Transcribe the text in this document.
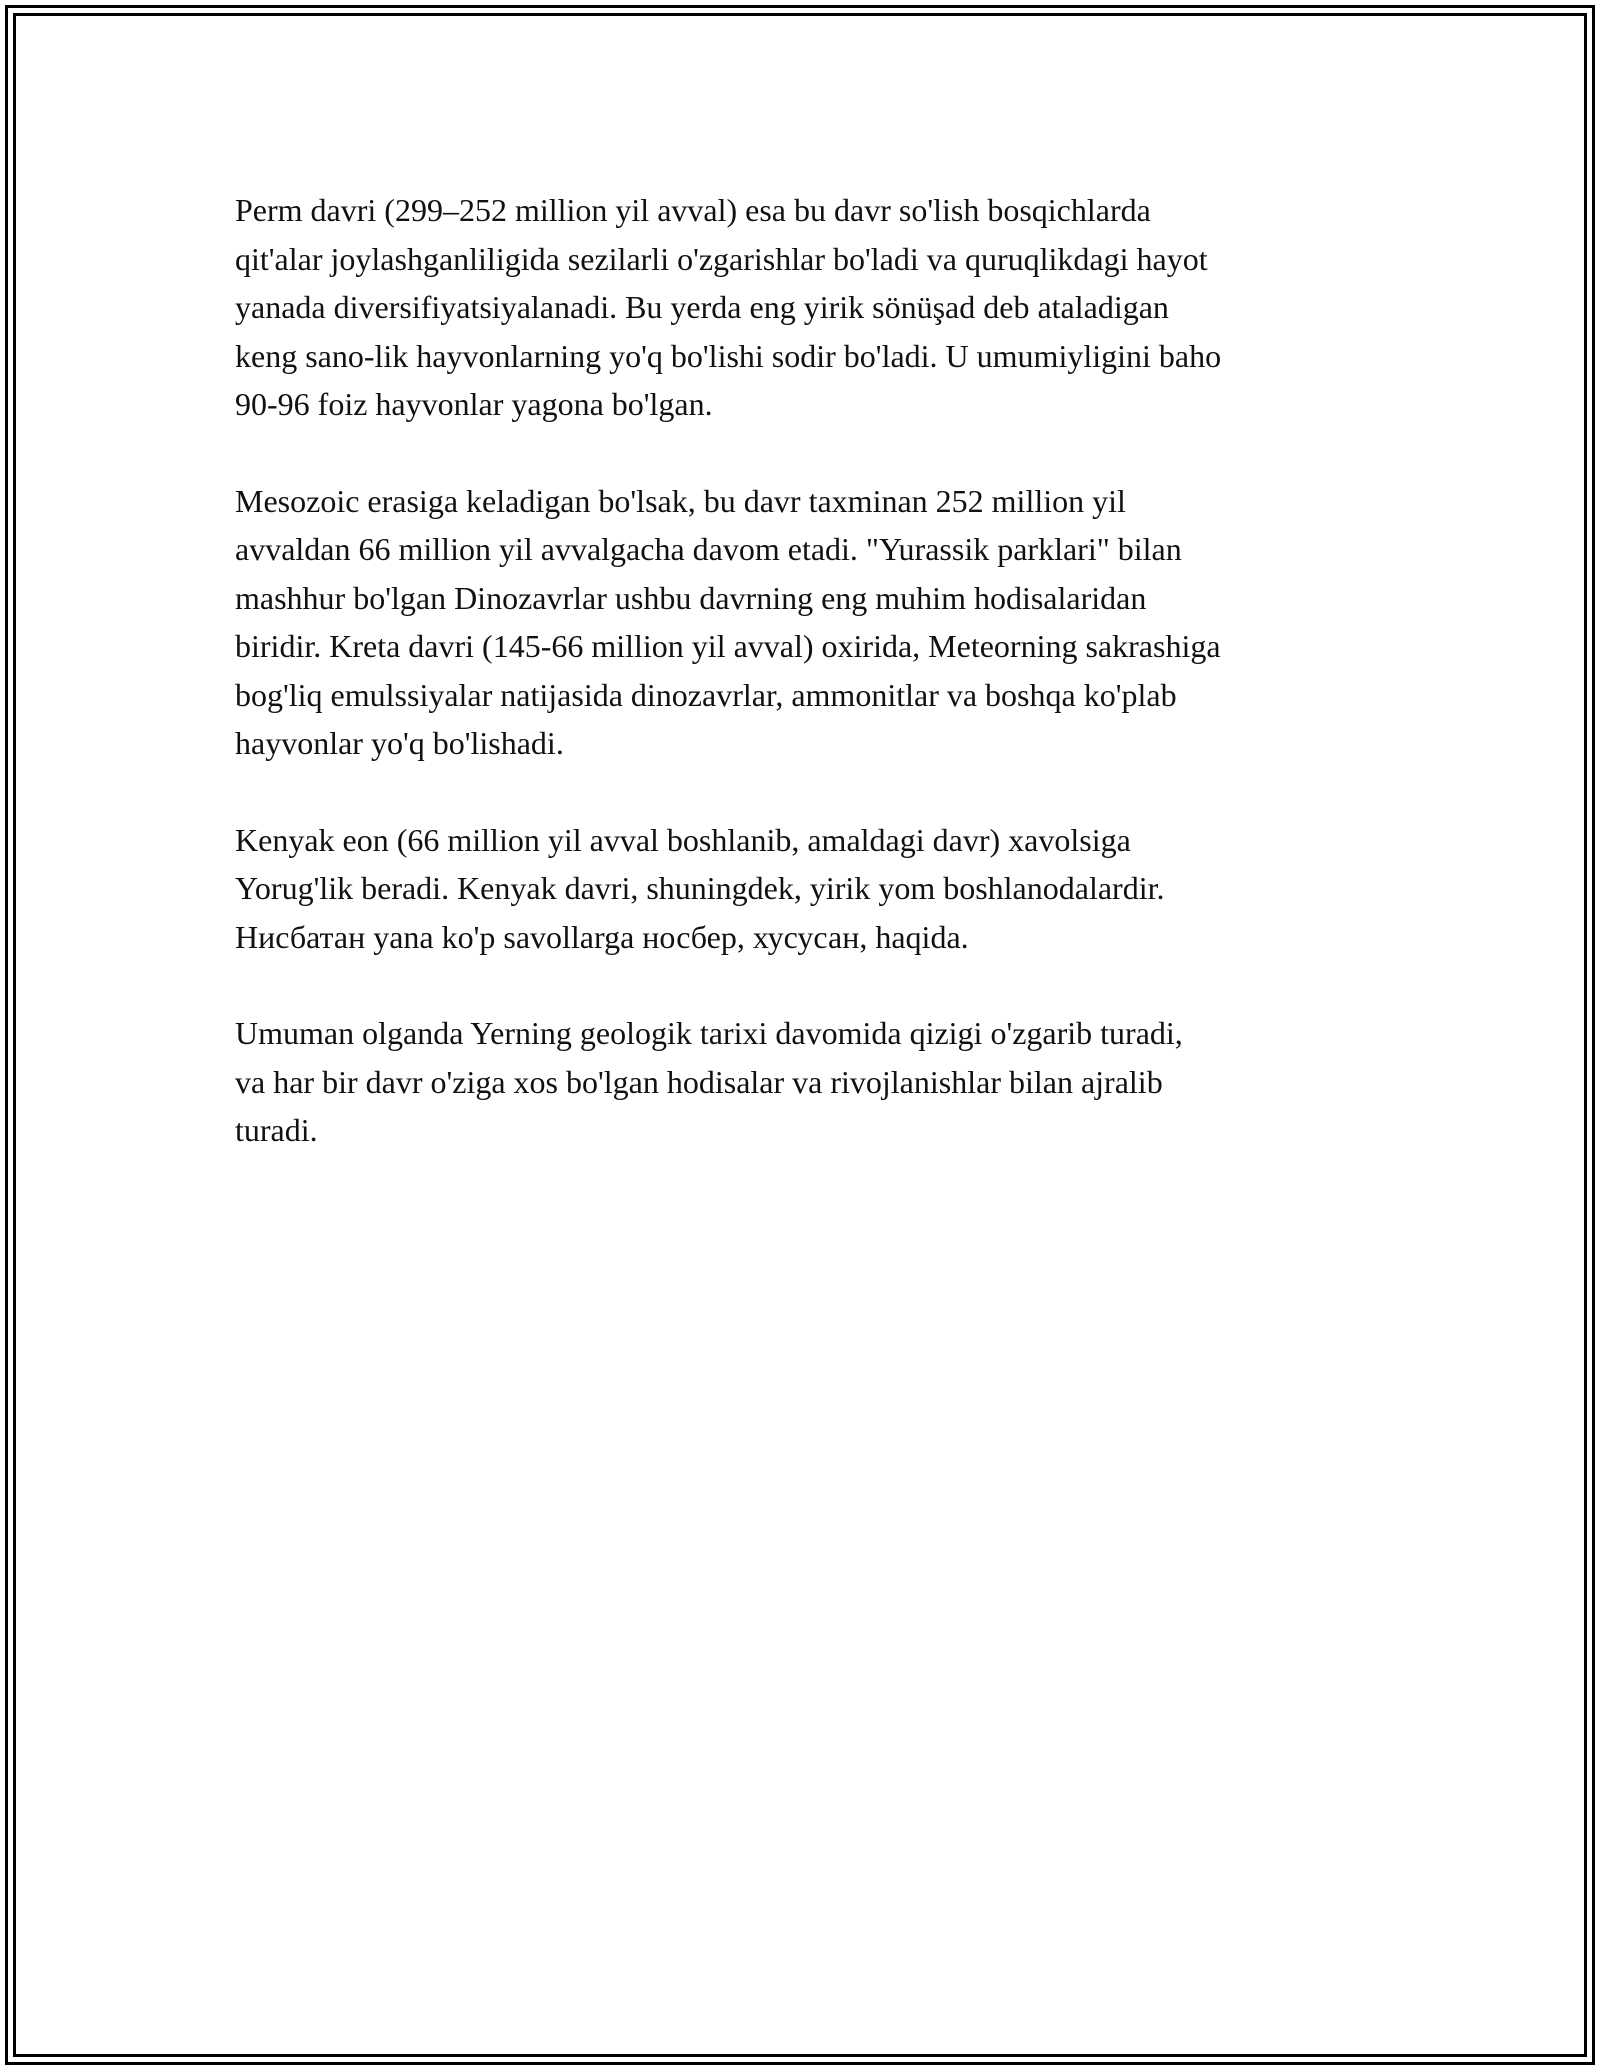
Perm davri (299–252 million yil avval) esa bu davr so'lish bosqichlarda
qit'alar joylashganliligida sezilarli o'zgarishlar bo'ladi va quruqlikdagi hayot
yanada diversifiyatsiyalanadi. Bu yerda eng yirik sönüşad deb ataladigan
keng sano-lik hayvonlarning yo'q bo'lishi sodir bo'ladi. U umumiyligini baho
90-96 foiz hayvonlar yagona bo'lgan.

Mesozoic erasiga keladigan bo'lsak, bu davr taxminan 252 million yil
avvaldan 66 million yil avvalgacha davom etadi. "Yurassik parklari" bilan
mashhur bo'lgan Dinozavrlar ushbu davrning eng muhim hodisalaridan
biridir. Kreta davri (145-66 million yil avval) oxirida, Meteorning sakrashiga
bog'liq emulssiyalar natijasida dinozavrlar, ammonitlar va boshqa ko'plab
hayvonlar yo'q bo'lishadi.

Kenyak eon (66 million yil avval boshlanib, amaldagi davr) xavolsiga
Yorug'lik beradi. Kenyak davri, shuningdek, yirik yom boshlanodalardir.
Нисбатан yana ko'p savollarga носбер, хусусан, haqida.

Umuman olganda Yerning geologik tarixi davomida qizigi o'zgarib turadi,
va har bir davr o'ziga xos bo'lgan hodisalar va rivojlanishlar bilan ajralib
turadi.
